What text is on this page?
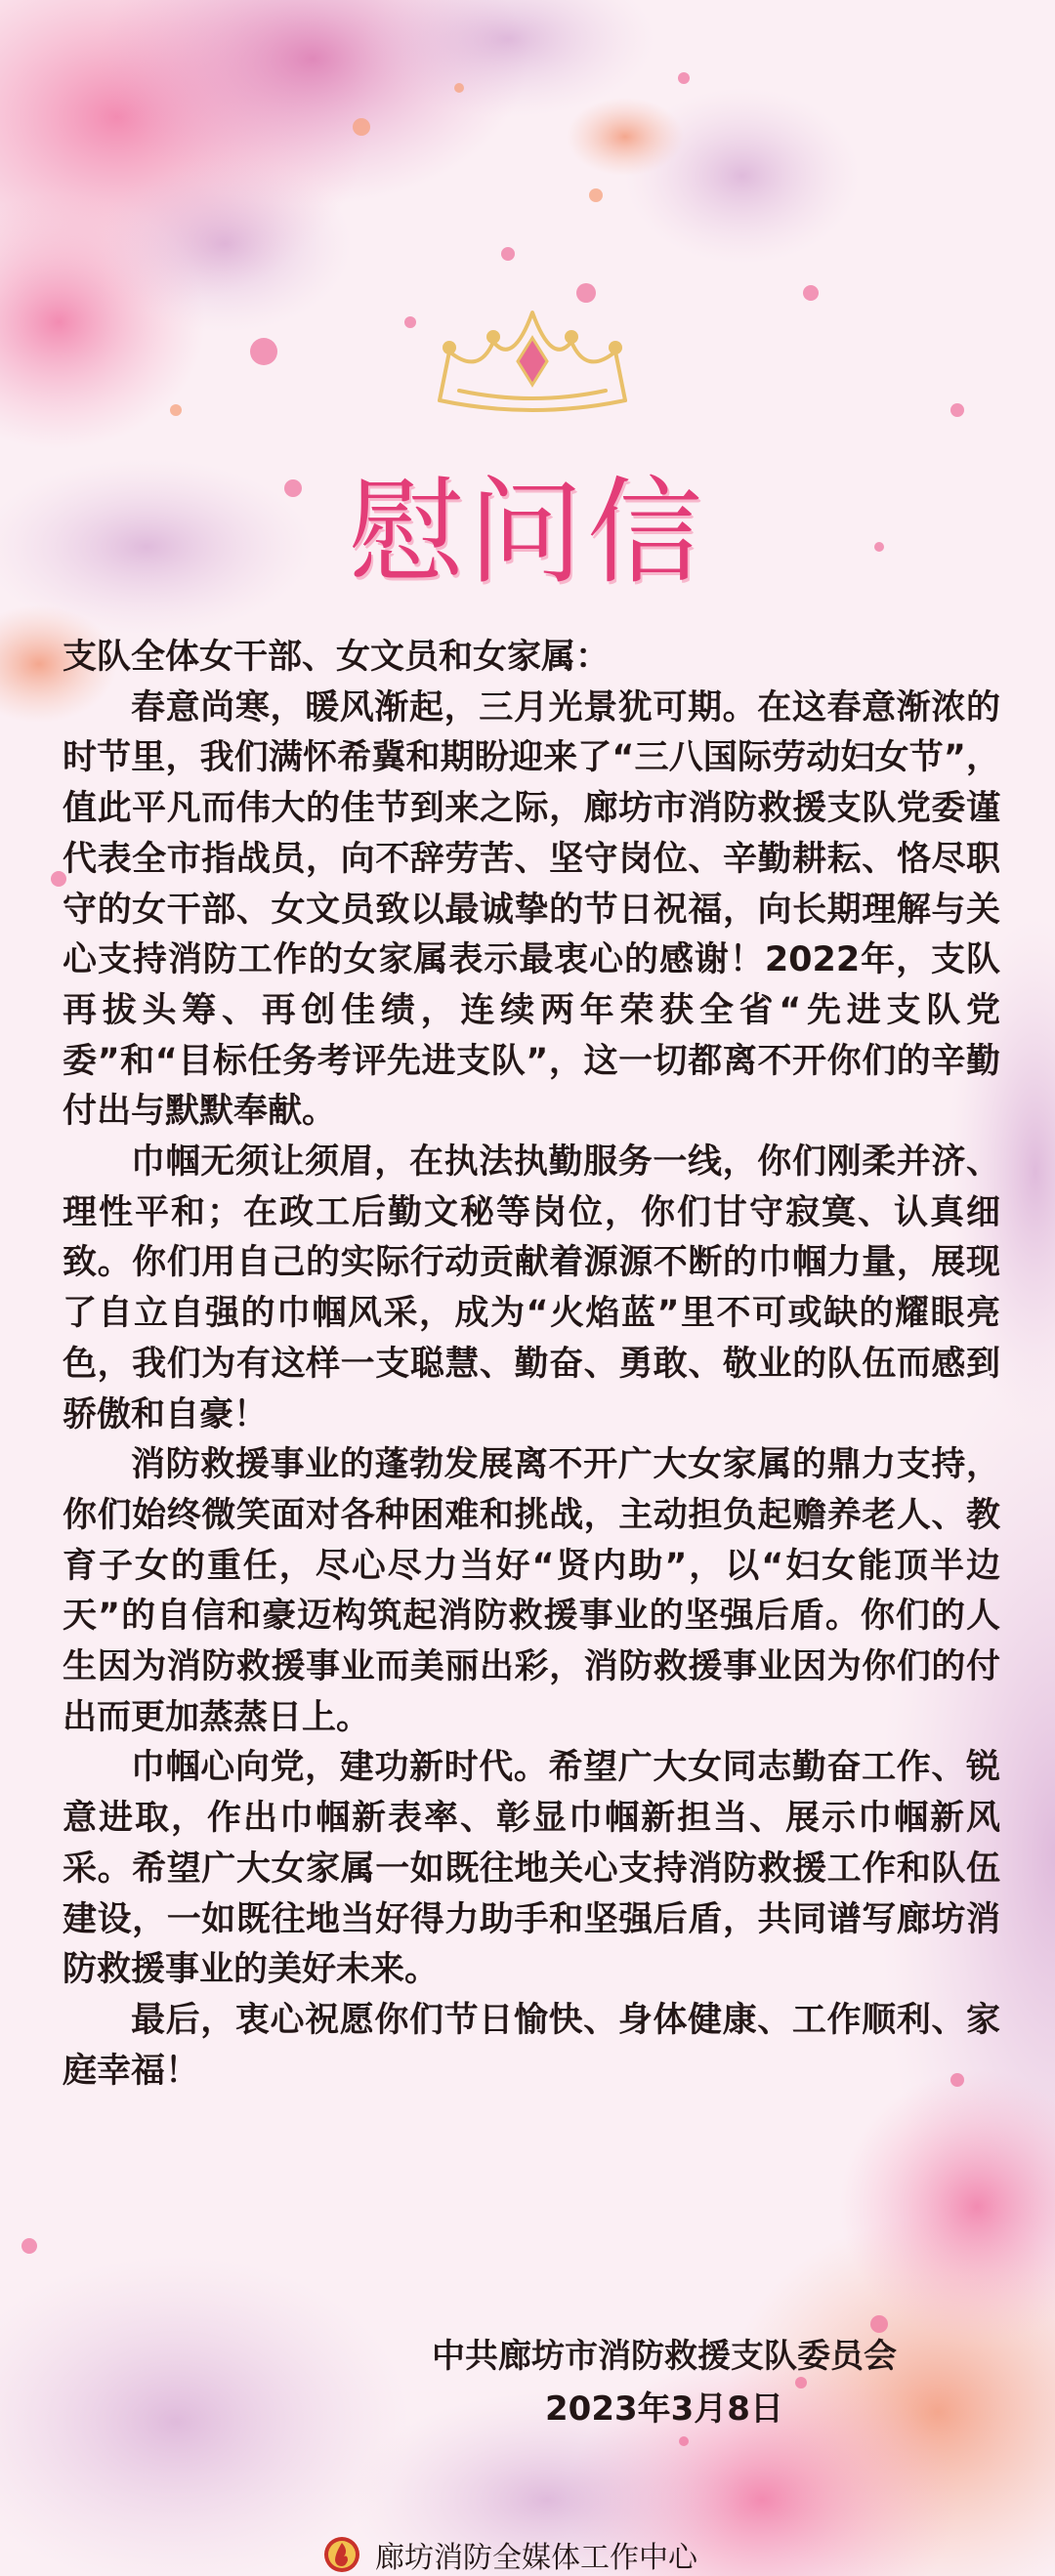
慰问信

支队全体女干部、女文员和女家属：

春意尚寒，暖风渐起，三月光景犹可期。在这春意渐浓的时节里，我们满怀希冀和期盼迎来了“三八国际劳动妇女节”，值此平凡而伟大的佳节到来之际，廊坊市消防救援支队党委谨代表全市指战员，向不辞劳苦、坚守岗位、辛勤耕耘、恪尽职守的女干部、女文员致以最诚挚的节日祝福，向长期理解与关心支持消防工作的女家属表示最衷心的感谢！2022年，支队再拔头筹、再创佳绩，连续两年荣获全省“先进支队党委”和“目标任务考评先进支队”，这一切都离不开你们的辛勤付出与默默奉献。

巾帼无须让须眉，在执法执勤服务一线，你们刚柔并济、理性平和；在政工后勤文秘等岗位，你们甘守寂寞、认真细致。你们用自己的实际行动贡献着源源不断的巾帼力量，展现了自立自强的巾帼风采，成为“火焰蓝”里不可或缺的耀眼亮色，我们为有这样一支聪慧、勤奋、勇敢、敬业的队伍而感到骄傲和自豪！

消防救援事业的蓬勃发展离不开广大女家属的鼎力支持，你们始终微笑面对各种困难和挑战，主动担负起赡养老人、教育子女的重任，尽心尽力当好“贤内助”，以“妇女能顶半边天”的自信和豪迈构筑起消防救援事业的坚强后盾。你们的人生因为消防救援事业而美丽出彩，消防救援事业因为你们的付出而更加蒸蒸日上。

巾帼心向党，建功新时代。希望广大女同志勤奋工作、锐意进取，作出巾帼新表率、彰显巾帼新担当、展示巾帼新风采。希望广大女家属一如既往地关心支持消防救援工作和队伍建设，一如既往地当好得力助手和坚强后盾，共同谱写廊坊消防救援事业的美好未来。

最后，衷心祝愿你们节日愉快、身体健康、工作顺利、家庭幸福！

中共廊坊市消防救援支队委员会
2023年3月8日
廊坊消防全媒体工作中心
